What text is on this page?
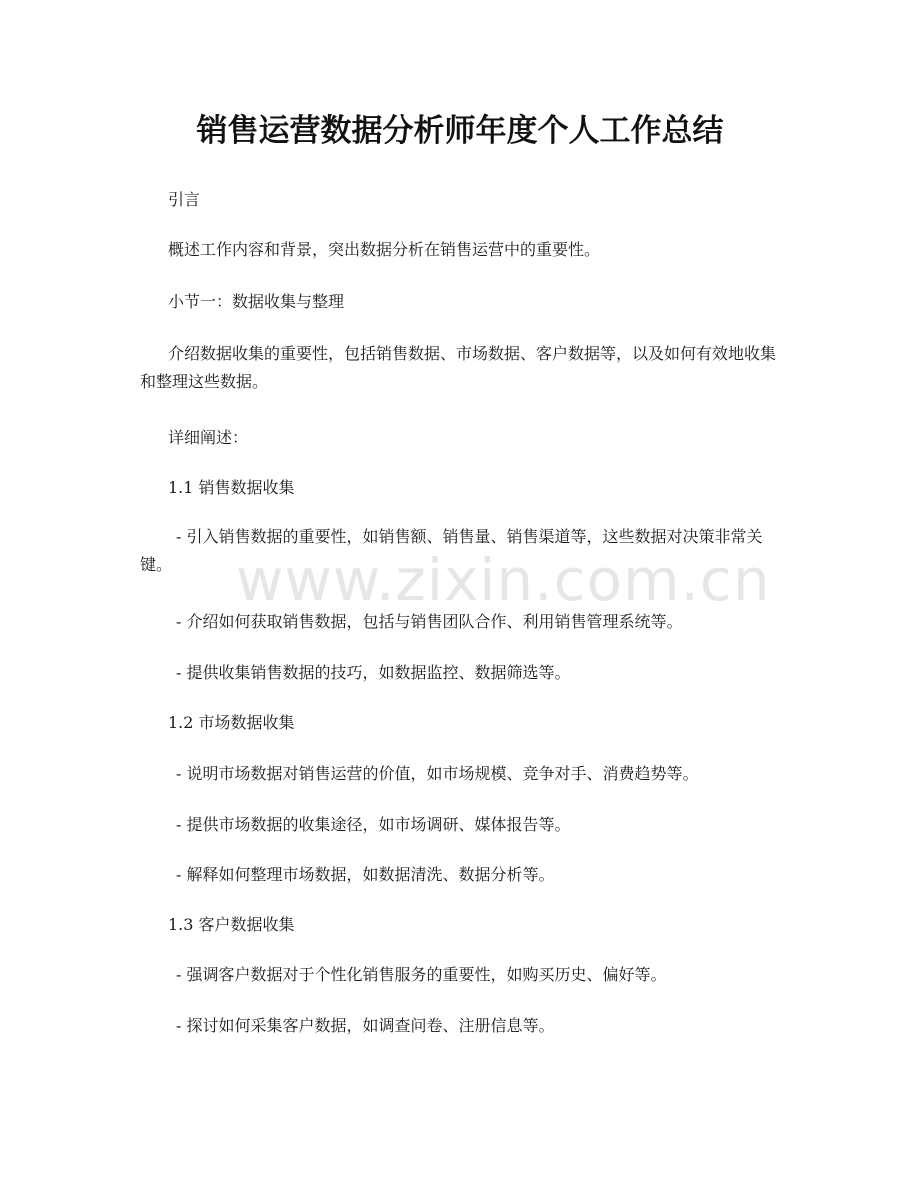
销售运营数据分析师年度个人工作总结

引言

概述工作内容和背景，突出数据分析在销售运营中的重要性。

小节一：数据收集与整理

介绍数据收集的重要性，包括销售数据、市场数据、客户数据等，以及如何有效地收集和整理这些数据。

详细阐述：

1.1 销售数据收集

- 引入销售数据的重要性，如销售额、销售量、销售渠道等，这些数据对决策非常关键。

- 介绍如何获取销售数据，包括与销售团队合作、利用销售管理系统等。

- 提供收集销售数据的技巧，如数据监控、数据筛选等。

1.2 市场数据收集

- 说明市场数据对销售运营的价值，如市场规模、竞争对手、消费趋势等。

- 提供市场数据的收集途径，如市场调研、媒体报告等。

- 解释如何整理市场数据，如数据清洗、数据分析等。

1.3 客户数据收集

- 强调客户数据对于个性化销售服务的重要性，如购买历史、偏好等。

- 探讨如何采集客户数据，如调查问卷、注册信息等。

www.zixin.com.cn
